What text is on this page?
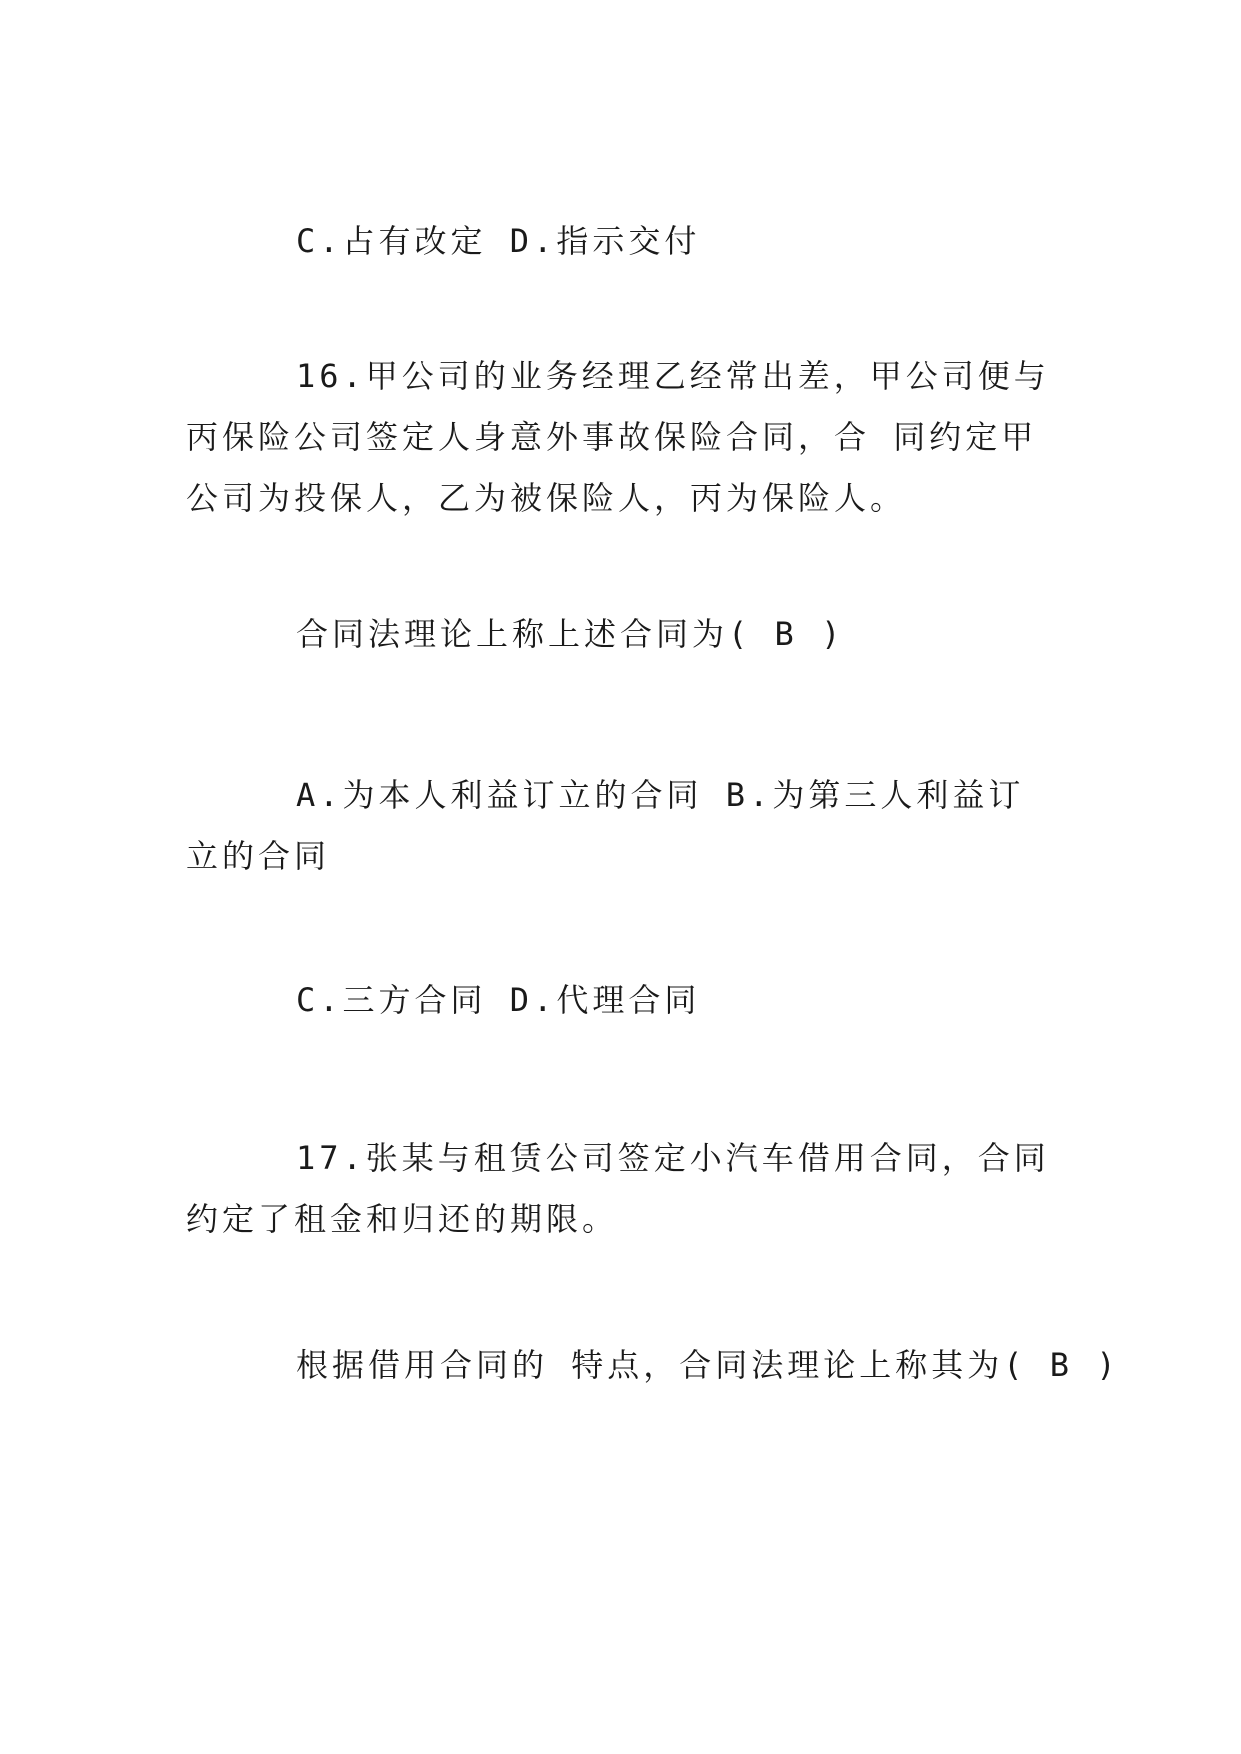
C.占有改定 D.指示交付
16.甲公司的业务经理乙经常出差，甲公司便与丙保险公司签定人身意外事故保险合同，合 同约定甲公司为投保人，乙为被保险人，丙为保险人。
合同法理论上称上述合同为( B )
A.为本人利益订立的合同 B.为第三人利益订立的合同
C.三方合同 D.代理合同
17.张某与租赁公司签定小汽车借用合同，合同约定了租金和归还的期限。
根据借用合同的 特点，合同法理论上称其为( B )
